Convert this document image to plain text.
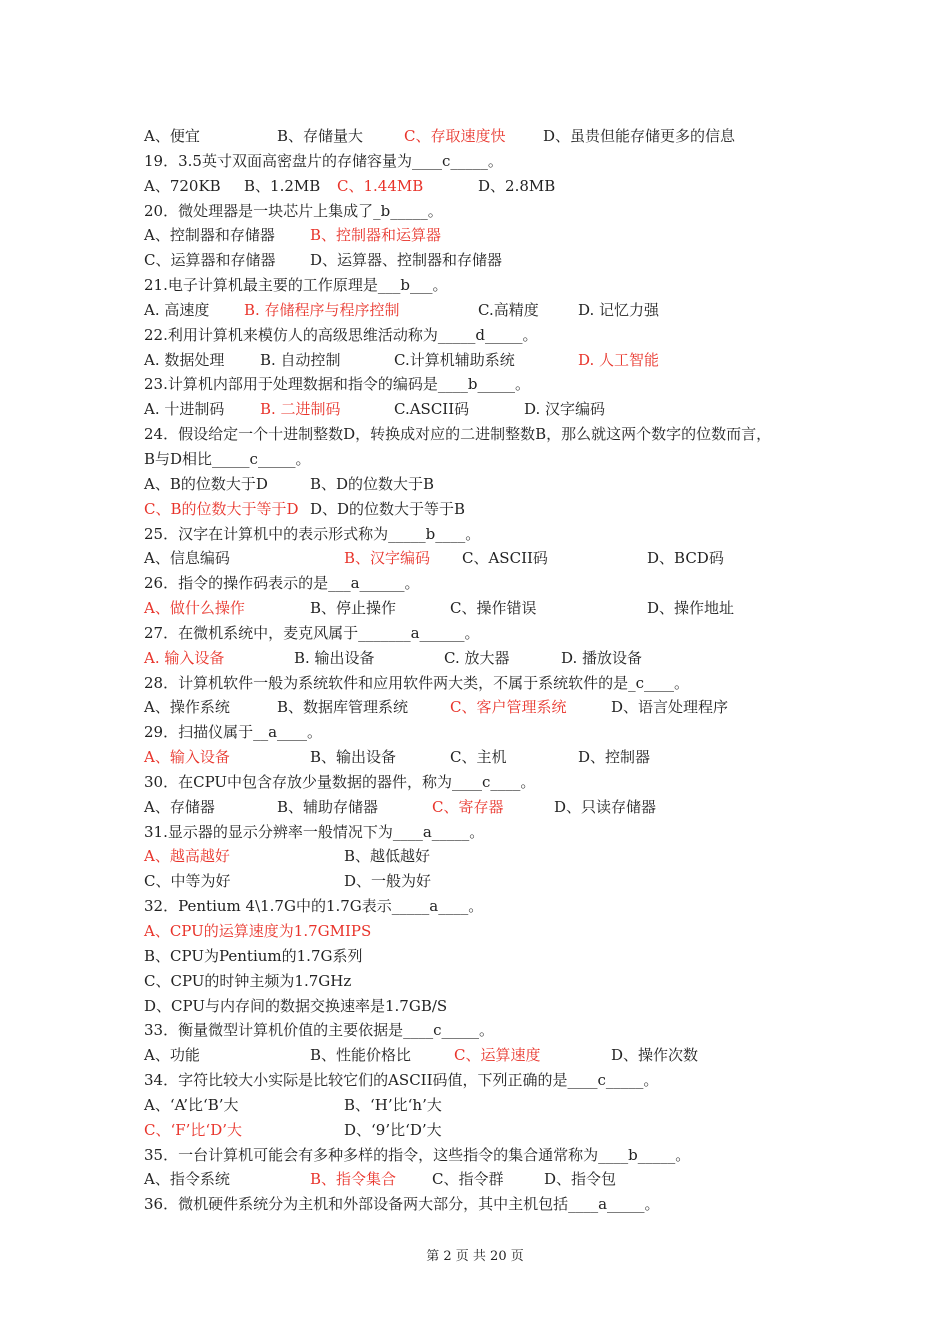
A、便宜	B、存储量大	C、存取速度快	D、虽贵但能存储更多的信息
19．3.5英寸双面高密盘片的存储容量为____c_____。
A、720KB B、1.2MB C、1.44MB	D、2.8MB
20．微处理器是一块芯片上集成了_b_____。
A、控制器和存储器 B、控制器和运算器
C、运算器和存储器 D、运算器、控制器和存储器
21.电子计算机最主要的工作原理是___b___。
A. 高速度 B. 存储程序与程序控制	C.高精度	D. 记忆力强
22.利用计算机来模仿人的高级思维活动称为_____d_____。
A. 数据处理 B. 自动控制	C.计算机辅助系统	D. 人工智能
23.计算机内部用于处理数据和指令的编码是____b_____。
A. 十进制码 B. 二进制码	C.ASCII码	D. 汉字编码
24．假设给定一个十进制整数D，转换成对应的二进制整数B，那么就这两个数字的位数而言，
B与D相比_____c_____。
A、B的位数大于D	B、D的位数大于B
C、B的位数大于等于D D、D的位数大于等于B
25．汉字在计算机中的表示形式称为_____b____。
A、信息编码	B、汉字编码 C、ASCII码	D、BCD码
26．指令的操作码表示的是___a______。
A、做什么操作	B、停止操作	C、操作错误	D、操作地址
27．在微机系统中，麦克风属于_______a______。
A. 输入设备	B. 输出设备	C. 放大器	D. 播放设备
28．计算机软件一般为系统软件和应用软件两大类，不属于系统软件的是_c____。
A、操作系统	B、数据库管理系统	C、客户管理系统	D、语言处理程序
29．扫描仪属于__a____。
A、输入设备	B、输出设备	C、主机	D、控制器
30．在CPU中包含存放少量数据的器件，称为____c____。
A、存储器	B、辅助存储器	C、寄存器	D、只读存储器
31.显示器的显示分辨率一般情况下为____a_____。
A、越高越好	B、越低越好
C、中等为好	D、一般为好
32．Pentium 4\1.7G中的1.7G表示_____a____。
A、CPU的运算速度为1.7GMIPS
B、CPU为Pentium的1.7G系列
C、CPU的时钟主频为1.7GHz
D、CPU与内存间的数据交换速率是1.7GB/S
33．衡量微型计算机价值的主要依据是____c_____。
A、功能	B、性能价格比	C、运算速度	D、操作次数
34．字符比较大小实际是比较它们的ASCII码值，下列正确的是____c_____。
A、‘A’比‘B’大	B、‘H’比‘h’大
C、‘F’比‘D’大	D、‘9’比‘D’大
35．一台计算机可能会有多种多样的指令，这些指令的集合通常称为____b_____。
A、指令系统	B、指令集合 C、指令群	D、指令包
36．微机硬件系统分为主机和外部设备两大部分，其中主机包括____a_____。
第 2 页 共 20 页
